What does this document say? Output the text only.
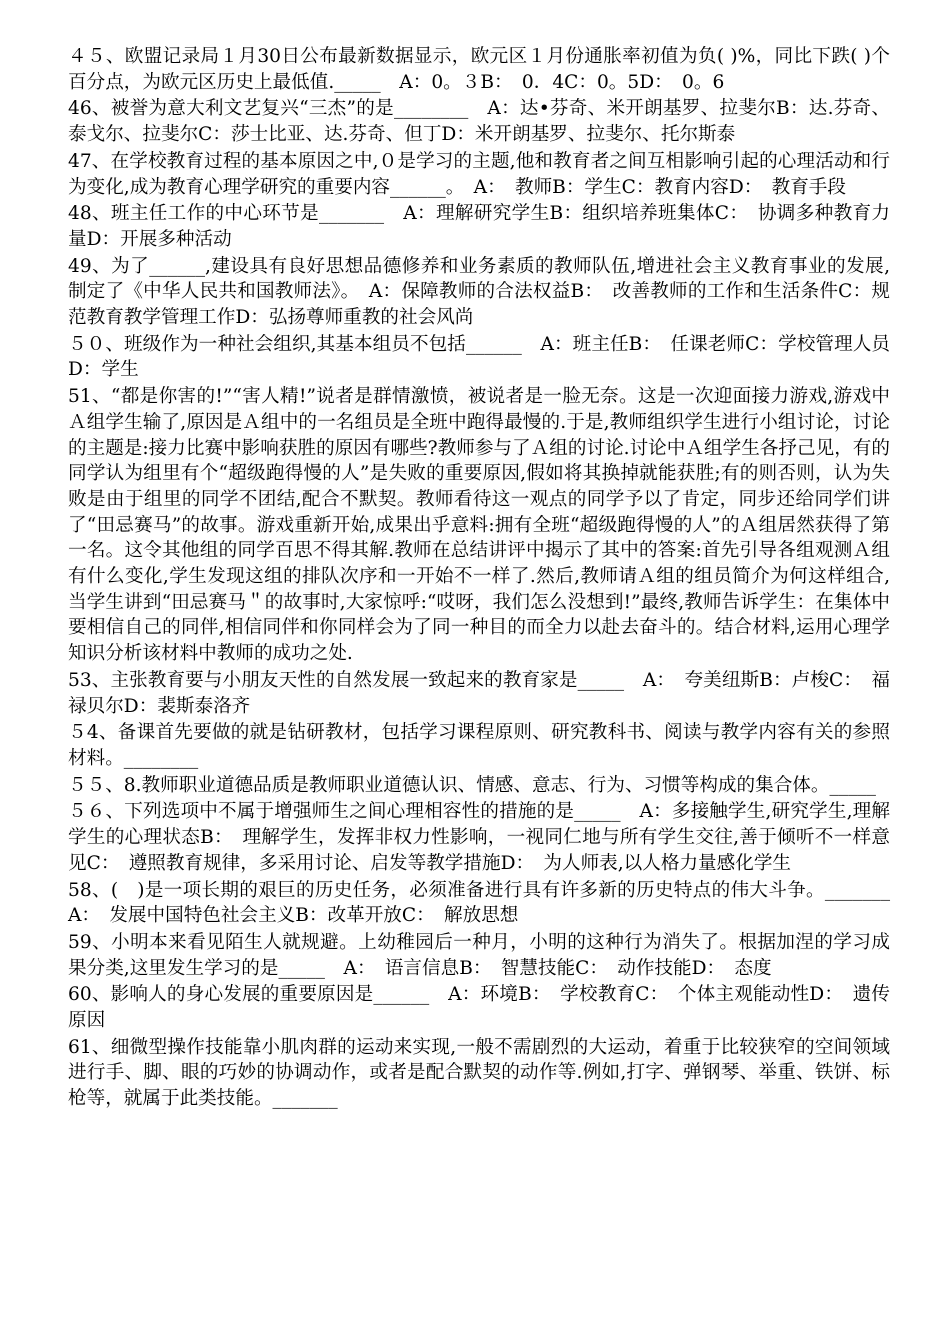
４５、欧盟记录局１月30日公布最新数据显示，欧元区１月份通胀率初值为负( )%，同比下跌( )个百分点，为欧元区历史上最低值._____　A：0。３B：　0．4C：0。5D：　0。6

46、被誉为意大利文艺复兴“三杰”的是________　A：达•芬奇、米开朗基罗、拉斐尔B：达.芬奇、泰戈尔、拉斐尔C：莎士比亚、达.芬奇、但丁D：米开朗基罗、拉斐尔、托尔斯泰

47、在学校教育过程的基本原因之中,０是学习的主题,他和教育者之间互相影响引起的心理活动和行为变化,成为教育心理学研究的重要内容______。　A：　教师B：学生C：教育内容D：　教育手段

48、班主任工作的中心环节是_______　A：理解研究学生B：组织培养班集体C：　协调多种教育力量D：开展多种活动

49、为了______,建设具有良好思想品德修养和业务素质的教师队伍,增进社会主义教育事业的发展,制定了《中华人民共和国教师法》。　A：保障教师的合法权益B：　改善教师的工作和生活条件C：规范教育教学管理工作D：弘扬尊师重教的社会风尚

５０、班级作为一种社会组织,其基本组员不包括______　A：班主任B：　任课老师C：学校管理人员D：学生

51、“都是你害的!”“害人精!”说者是群情激愤，被说者是一脸无奈。这是一次迎面接力游戏,游戏中Ａ组学生输了,原因是Ａ组中的一名组员是全班中跑得最慢的.于是,教师组织学生进行小组讨论，讨论的主题是:接力比赛中影响获胜的原因有哪些?教师参与了Ａ组的讨论.讨论中Ａ组学生各抒己见，有的同学认为组里有个“超级跑得慢的人”是失败的重要原因,假如将其换掉就能获胜;有的则否则，认为失败是由于组里的同学不团结,配合不默契。教师看待这一观点的同学予以了肯定，同步还给同学们讲了“田忌赛马”的故事。游戏重新开始,成果出乎意料:拥有全班“超级跑得慢的人”的Ａ组居然获得了第一名。这令其他组的同学百思不得其解.教师在总结讲评中揭示了其中的答案:首先引导各组观测Ａ组有什么变化,学生发现这组的排队次序和一开始不一样了.然后,教师请Ａ组的组员简介为何这样组合,当学生讲到“田忌赛马＂的故事时,大家惊呼:“哎呀，我们怎么没想到!”最终,教师告诉学生：在集体中要相信自己的同伴,相信同伴和你同样会为了同一种目的而全力以赴去奋斗的。结合材料,运用心理学知识分析该材料中教师的成功之处.

53、主张教育要与小朋友天性的自然发展一致起来的教育家是_____　A：　夸美纽斯B：卢梭C：　福禄贝尔D：裴斯泰洛齐

５4、备课首先要做的就是钻研教材，包括学习课程原则、研究教科书、阅读与教学内容有关的参照材料。________

５５、8.教师职业道德品质是教师职业道德认识、情感、意志、行为、习惯等构成的集合体。_____

５６、下列选项中不属于增强师生之间心理相容性的措施的是_____　A：多接触学生,研究学生,理解学生的心理状态B：　理解学生，发挥非权力性影响，一视同仁地与所有学生交往,善于倾听不一样意见C：　遵照教育规律，多采用讨论、启发等教学措施D：　为人师表,以人格力量感化学生

58、(　)是一项长期的艰巨的历史任务，必须准备进行具有许多新的历史特点的伟大斗争。_______　A：　发展中国特色社会主义B：改革开放C：　解放思想

59、小明本来看见陌生人就规避。上幼稚园后一种月，小明的这种行为消失了。根据加涅的学习成果分类,这里发生学习的是_____　A：　语言信息B：　智慧技能C：　动作技能D：　态度

60、影响人的身心发展的重要原因是______　A：环境B：　学校教育C：　个体主观能动性D：　遗传原因

61、细微型操作技能靠小肌肉群的运动来实现,一般不需剧烈的大运动，着重于比较狭窄的空间领域进行手、脚、眼的巧妙的协调动作，或者是配合默契的动作等.例如,打字、弹钢琴、举重、铁饼、标枪等，就属于此类技能。_______
